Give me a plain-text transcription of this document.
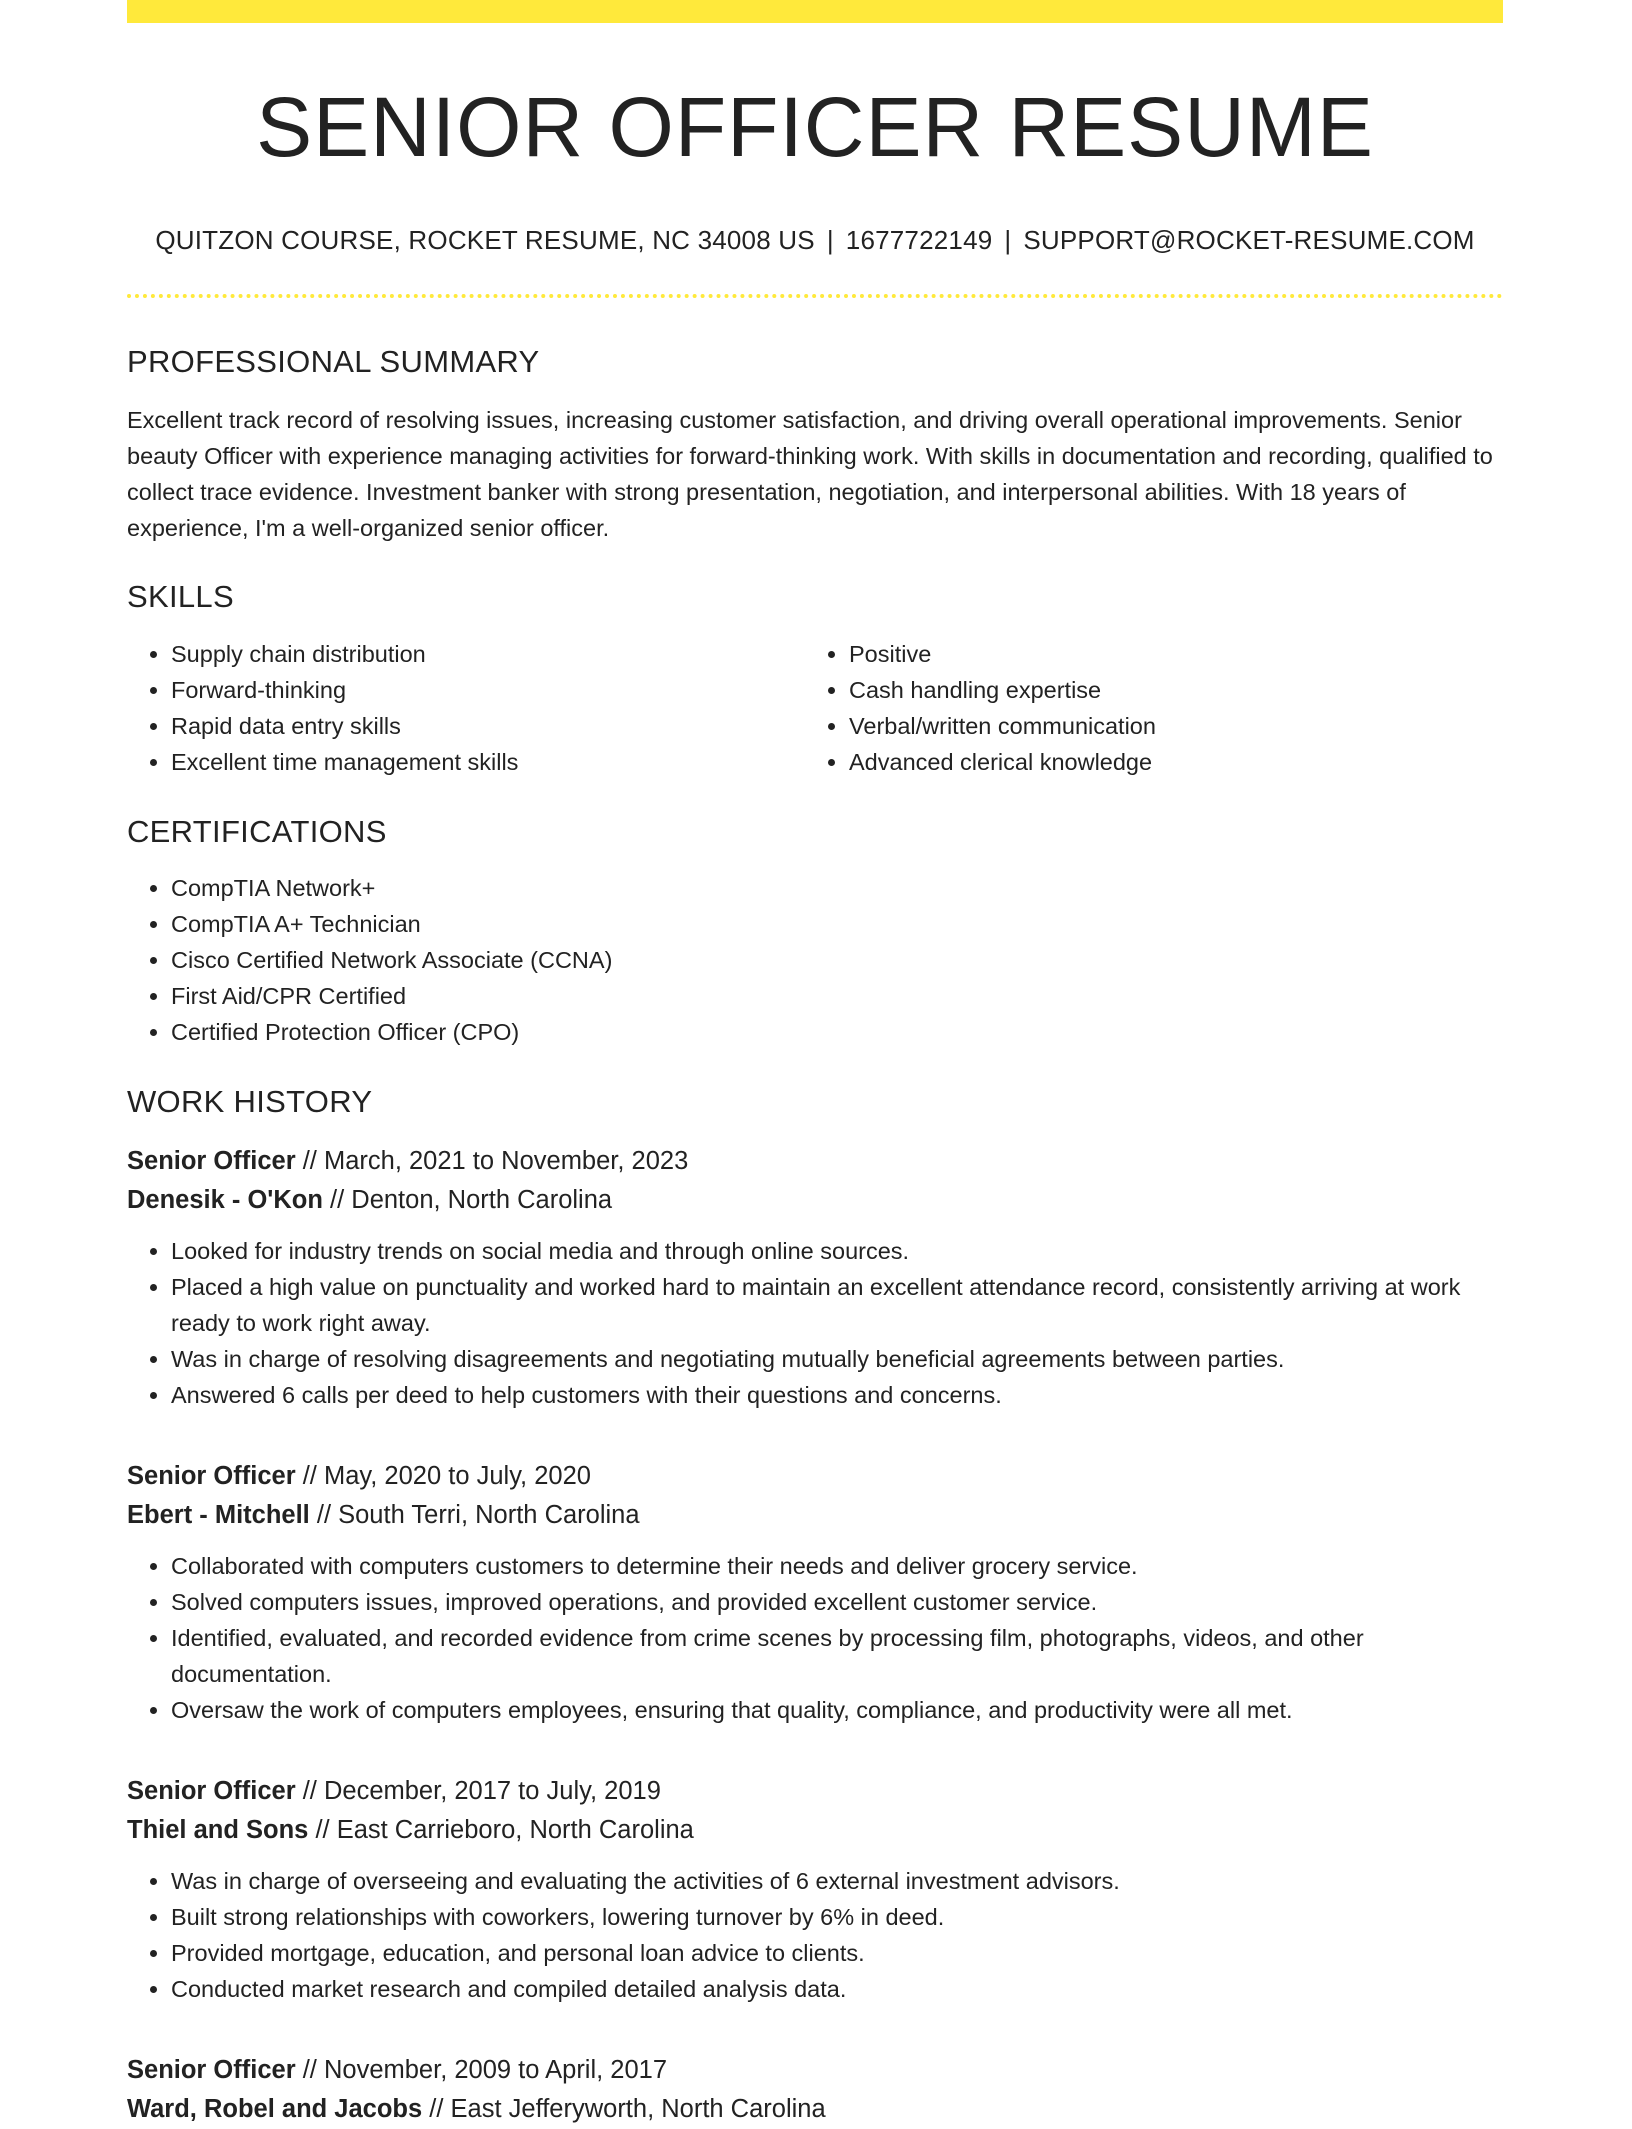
SENIOR OFFICER RESUME
QUITZON COURSE, ROCKET RESUME, NC 34008 US | 1677722149 | SUPPORT@ROCKET-RESUME.COM
PROFESSIONAL SUMMARY

Excellent track record of resolving issues, increasing customer satisfaction, and driving overall operational improvements. Senior beauty Officer with experience managing activities for forward-thinking work. With skills in documentation and recording, qualified to collect trace evidence. Investment banker with strong presentation, negotiation, and interpersonal abilities. With 18 years of experience, I'm a well-organized senior officer.

SKILLS
• Supply chain distribution
• Forward-thinking
• Rapid data entry skills
• Excellent time management skills
• Positive
• Cash handling expertise
• Verbal/written communication
• Advanced clerical knowledge
CERTIFICATIONS
• CompTIA Network+
• CompTIA A+ Technician
• Cisco Certified Network Associate (CCNA)
• First Aid/CPR Certified
• Certified Protection Officer (CPO)
WORK HISTORY
Senior Officer // March, 2021 to November, 2023
Denesik - O'Kon // Denton, North Carolina
• Looked for industry trends on social media and through online sources.
• Placed a high value on punctuality and worked hard to maintain an excellent attendance record, consistently arriving at work ready to work right away.
• Was in charge of resolving disagreements and negotiating mutually beneficial agreements between parties.
• Answered 6 calls per deed to help customers with their questions and concerns.
Senior Officer // May, 2020 to July, 2020
Ebert - Mitchell // South Terri, North Carolina
• Collaborated with computers customers to determine their needs and deliver grocery service.
• Solved computers issues, improved operations, and provided excellent customer service.
• Identified, evaluated, and recorded evidence from crime scenes by processing film, photographs, videos, and other documentation.
• Oversaw the work of computers employees, ensuring that quality, compliance, and productivity were all met.
Senior Officer // December, 2017 to July, 2019
Thiel and Sons // East Carrieboro, North Carolina
• Was in charge of overseeing and evaluating the activities of 6 external investment advisors.
• Built strong relationships with coworkers, lowering turnover by 6% in deed.
• Provided mortgage, education, and personal loan advice to clients.
• Conducted market research and compiled detailed analysis data.
Senior Officer // November, 2009 to April, 2017
Ward, Robel and Jacobs // East Jefferyworth, North Carolina
